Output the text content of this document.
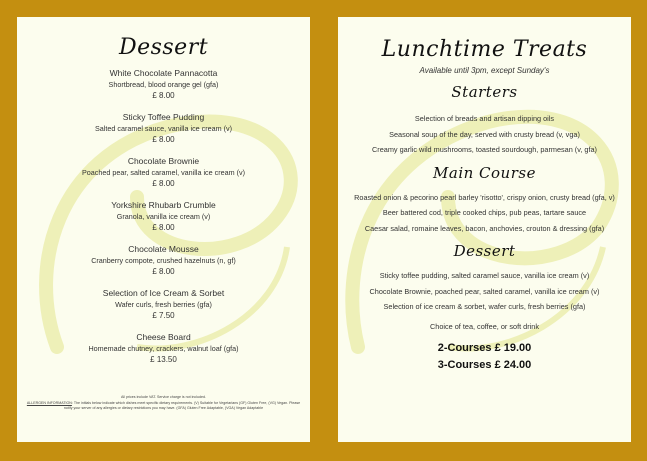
Dessert
White Chocolate Pannacotta
Shortbread, blood orange gel (gfa)
£ 8.00
Sticky Toffee Pudding
Salted caramel sauce, vanilla ice cream (v)
£ 8.00
Chocolate Brownie
Poached pear, salted caramel, vanilla ice cream (v)
£ 8.00
Yorkshire Rhubarb Crumble
Granola, vanilla ice cream (v)
£ 8.00
Chocolate Mousse
Cranberry compote, crushed hazelnuts (n, gf)
£ 8.00
Selection of Ice Cream & Sorbet
Wafer curls, fresh berries (gfa)
£ 7.50
Cheese Board
Homemade chutney, crackers, walnut loaf (gfa)
£ 13.50
All prices include VAT. Service charge is not included.
ALLERGEN INFORMATION: The initials below indicate which dishes meet specific dietary requirements. (V) Suitable for Vegetarians (GF) Gluten Free, (VG) Vegan. Please notify your server of any allergies or dietary restrictions you may have. (GFA) Gluten Free Adaptable, (VGA) Vegan Adaptable
Lunchtime Treats
Available until 3pm, except Sunday's
Starters
Selection of breads and artisan dipping oils
Seasonal soup of the day, served with crusty bread (v, vga)
Creamy garlic wild mushrooms, toasted sourdough, parmesan (v, gfa)
Main Course
Roasted onion & pecorino pearl barley 'risotto', crispy onion, crusty bread (gfa, v)
Beer battered cod, triple cooked chips, pub peas, tartare sauce
Caesar salad, romaine leaves, bacon, anchovies, crouton & dressing (gfa)
Dessert
Sticky toffee pudding, salted caramel sauce, vanilla ice cream (v)
Chocolate Brownie, poached pear, salted caramel, vanilla ice cream (v)
Selection of ice cream & sorbet, wafer curls, fresh berries (gfa)
Choice of tea, coffee, or soft drink
2-Courses £ 19.00
3-Courses £ 24.00
